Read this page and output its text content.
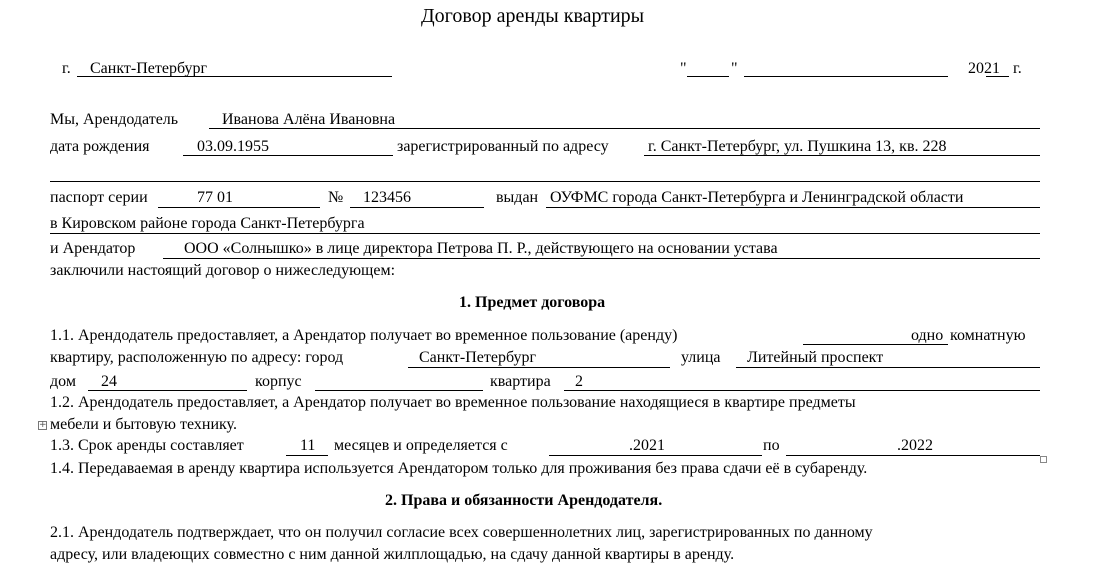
Договор аренды квартиры
г. Санкт-Петербург	"	"	2021 г.
Мы, Арендодатель	Иванова Алёна Ивановна
дата рождения	03.09.1955	зарегистрированный по адресу г. Санкт-Петербург, ул. Пушкина 13, кв. 228
паспорт серии	77 01	№ 123456	выдан ОУФМС города Санкт-Петербурга и Ленинградской области
в Кировском районе города Санкт-Петербурга
и Арендатор	ООО «Солнышко» в лице директора Петрова П. Р., действующего на основании устава
заключили настоящий договор о нижеследующем:
1. Предмет договора
1.1. Арендодатель предоставляет, а Арендатор получает во временное пользование (аренду)	одно комнатную
квартиру, расположенную по адресу: город	Санкт-Петербург	улица Литейный проспект
дом 24	корпус	квартира 2
1.2. Арендодатель предоставляет, а Арендатор получает во временное пользование находящиеся в квартире предметы
+ мебели и бытовую технику.
1.3. Срок аренды составляет	11 месяцев и определяется с	.2021	по	.2022
1.4. Передаваемая в аренду квартира используется Арендатором только для проживания без права сдачи её в субаренду.
2. Права и обязанности Арендодателя.
2.1. Арендодатель подтверждает, что он получил согласие всех совершеннолетних лиц, зарегистрированных по данному
адресу, или владеющих совместно с ним данной жилплощадью, на сдачу данной квартиры в аренду.
